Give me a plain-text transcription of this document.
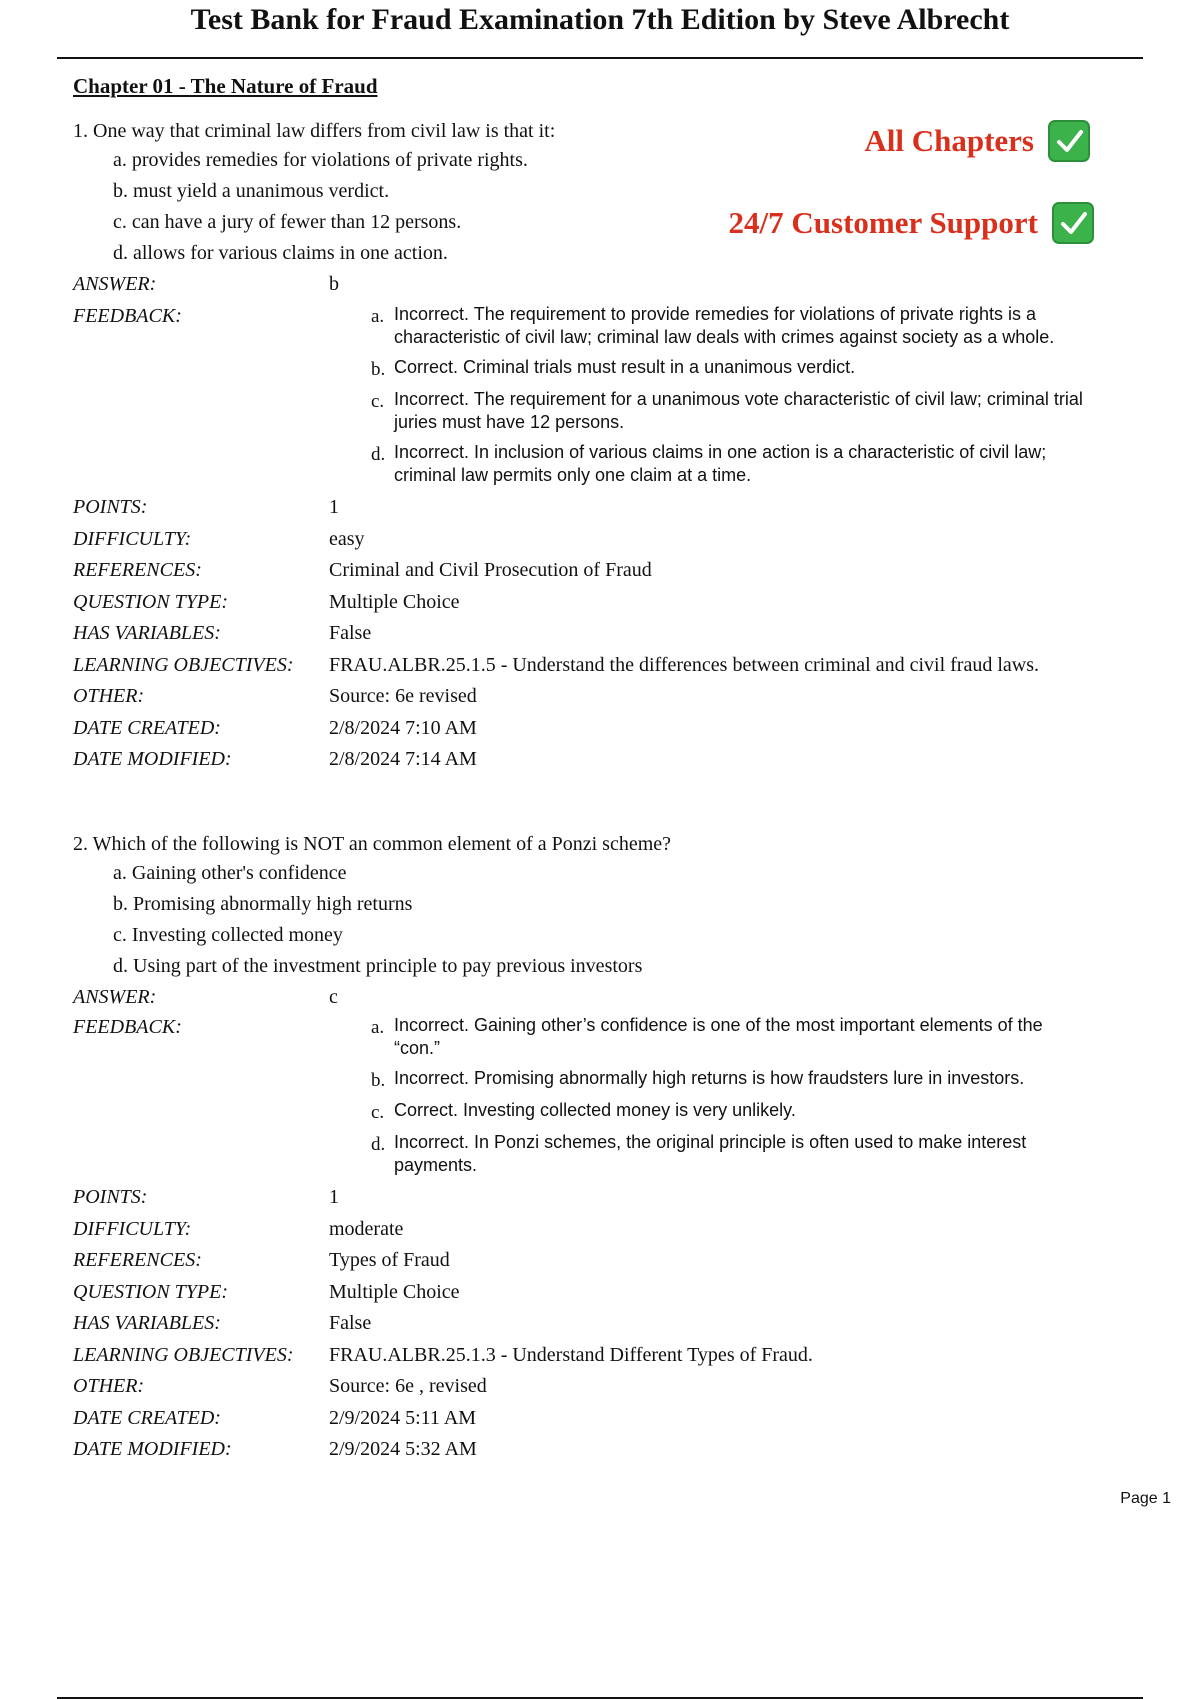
Test Bank for Fraud Examination 7th Edition by Steve Albrecht
Chapter 01 - The Nature of Fraud
All Chapters
24/7 Customer Support
1. One way that criminal law differs from civil law is that it:
a. provides remedies for violations of private rights.
b. must yield a unanimous verdict.
c. can have a jury of fewer than 12 persons.
d. allows for various claims in one action.
ANSWER:	b
FEEDBACK:	a. Incorrect. The requirement to provide remedies for violations of private rights is a characteristic of civil law; criminal law deals with crimes against society as a whole.
b. Correct. Criminal trials must result in a unanimous verdict.
c. Incorrect. The requirement for a unanimous vote characteristic of civil law; criminal trial juries must have 12 persons.
d. Incorrect. In inclusion of various claims in one action is a characteristic of civil law; criminal law permits only one claim at a time.
POINTS:	1
DIFFICULTY:	easy
REFERENCES:	Criminal and Civil Prosecution of Fraud
QUESTION TYPE:	Multiple Choice
HAS VARIABLES:	False
LEARNING OBJECTIVES:	FRAU.ALBR.25.1.5 - Understand the differences between criminal and civil fraud laws.
OTHER:	Source: 6e revised
DATE CREATED:	2/8/2024 7:10 AM
DATE MODIFIED:	2/8/2024 7:14 AM
2. Which of the following is NOT an common element of a Ponzi scheme?
a. Gaining other's confidence
b. Promising abnormally high returns
c. Investing collected money
d. Using part of the investment principle to pay previous investors
ANSWER:	c
FEEDBACK:	a. Incorrect. Gaining other’s confidence is one of the most important elements of the “con.”
b. Incorrect. Promising abnormally high returns is how fraudsters lure in investors.
c. Correct. Investing collected money is very unlikely.
d. Incorrect. In Ponzi schemes, the original principle is often used to make interest payments.
POINTS:	1
DIFFICULTY:	moderate
REFERENCES:	Types of Fraud
QUESTION TYPE:	Multiple Choice
HAS VARIABLES:	False
LEARNING OBJECTIVES:	FRAU.ALBR.25.1.3 - Understand Different Types of Fraud.
OTHER:	Source: 6e , revised
DATE CREATED:	2/9/2024 5:11 AM
DATE MODIFIED:	2/9/2024 5:32 AM
Page 1
